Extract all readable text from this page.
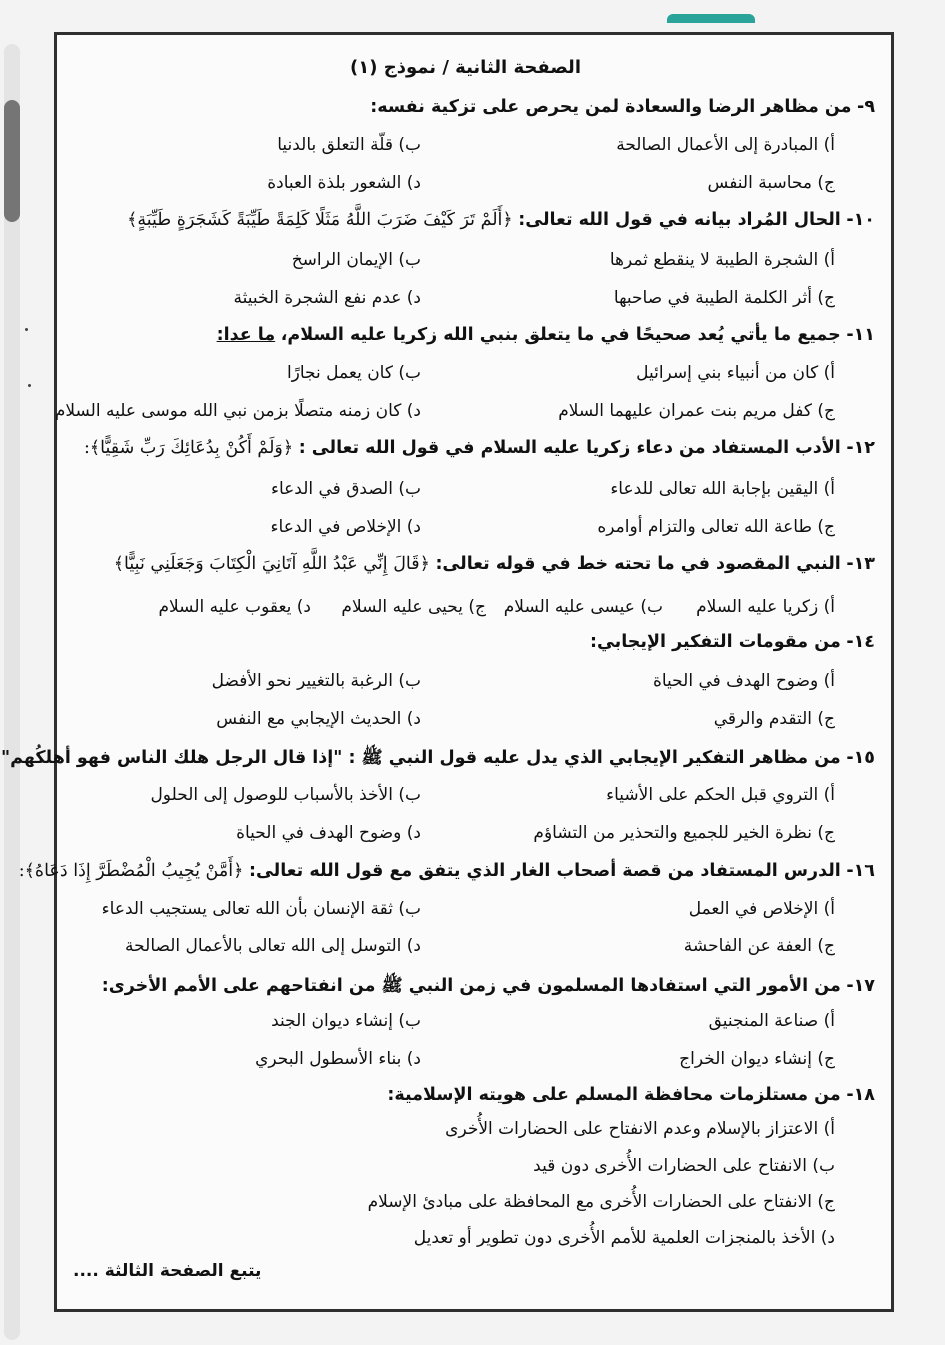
الصفحة الثانية / نموذج (١)
٩- من مظاهر الرضا والسعادة لمن يحرص على تزكية نفسه:
أ) المبادرة إلى الأعمال الصالحة
ب) قلّة التعلق بالدنيا
ج) محاسبة النفس
د) الشعور بلذة العبادة
١٠- الحال المُراد بيانه في قول الله تعالى: ﴿أَلَمْ تَرَ كَيْفَ ضَرَبَ اللَّهُ مَثَلًا كَلِمَةً طَيِّبَةً كَشَجَرَةٍ طَيِّبَةٍ﴾
أ) الشجرة الطيبة لا ينقطع ثمرها
ب) الإيمان الراسخ
ج) أثر الكلمة الطيبة في صاحبها
د) عدم نفع الشجرة الخبيثة
١١- جميع ما يأتي يُعد صحيحًا في ما يتعلق بنبي الله زكريا عليه السلام، ما عدا:
أ) كان من أنبياء بني إسرائيل
ب) كان يعمل نجارًا
ج) كفل مريم بنت عمران عليهما السلام
د) كان زمنه متصلًا بزمن نبي الله موسى عليه السلام
١٢- الأدب المستفاد من دعاء زكريا عليه السلام في قول الله تعالى : ﴿وَلَمْ أَكُنْ بِدُعَائِكَ رَبِّ شَقِيًّا﴾:
أ) اليقين بإجابة الله تعالى للدعاء
ب) الصدق في الدعاء
ج) طاعة الله تعالى والتزام أوامره
د) الإخلاص في الدعاء
١٣- النبي المقصود في ما تحته خط في قوله تعالى: ﴿قَالَ إِنِّي عَبْدُ اللَّهِ آتَانِيَ الْكِتَابَ وَجَعَلَنِي نَبِيًّا﴾
أ) زكريا عليه السلام
ب) عيسى عليه السلام
ج) يحيى عليه السلام
د) يعقوب عليه السلام
١٤- من مقومات التفكير الإيجابي:
أ) وضوح الهدف في الحياة
ب) الرغبة بالتغيير نحو الأفضل
ج) التقدم والرقي
د) الحديث الإيجابي مع النفس
١٥- من مظاهر التفكير الإيجابي الذي يدل عليه قول النبي ﷺ : "إذا قال الرجل هلك الناس فهو أهلكُهم"
أ) التروي قبل الحكم على الأشياء
ب) الأخذ بالأسباب للوصول إلى الحلول
ج) نظرة الخير للجميع والتحذير من التشاؤم
د) وضوح الهدف في الحياة
١٦- الدرس المستفاد من قصة أصحاب الغار الذي يتفق مع قول الله تعالى: ﴿أَمَّنْ يُجِيبُ الْمُضْطَرَّ إِذَا دَعَاهُ﴾:
أ) الإخلاص في العمل
ب) ثقة الإنسان بأن الله تعالى يستجيب الدعاء
ج) العفة عن الفاحشة
د) التوسل إلى الله تعالى بالأعمال الصالحة
١٧- من الأمور التي استفادها المسلمون في زمن النبي ﷺ من انفتاحهم على الأمم الأخرى:
أ) صناعة المنجنيق
ب) إنشاء ديوان الجند
ج) إنشاء ديوان الخراج
د) بناء الأسطول البحري
١٨- من مستلزمات محافظة المسلم على هويته الإسلامية:
أ) الاعتزاز بالإسلام وعدم الانفتاح على الحضارات الأُخرى
ب) الانفتاح على الحضارات الأُخرى دون قيد
ج) الانفتاح على الحضارات الأُخرى مع المحافظة على مبادئ الإسلام
د) الأخذ بالمنجزات العلمية للأمم الأُخرى دون تطوير أو تعديل
يتبع الصفحة الثالثة ....
